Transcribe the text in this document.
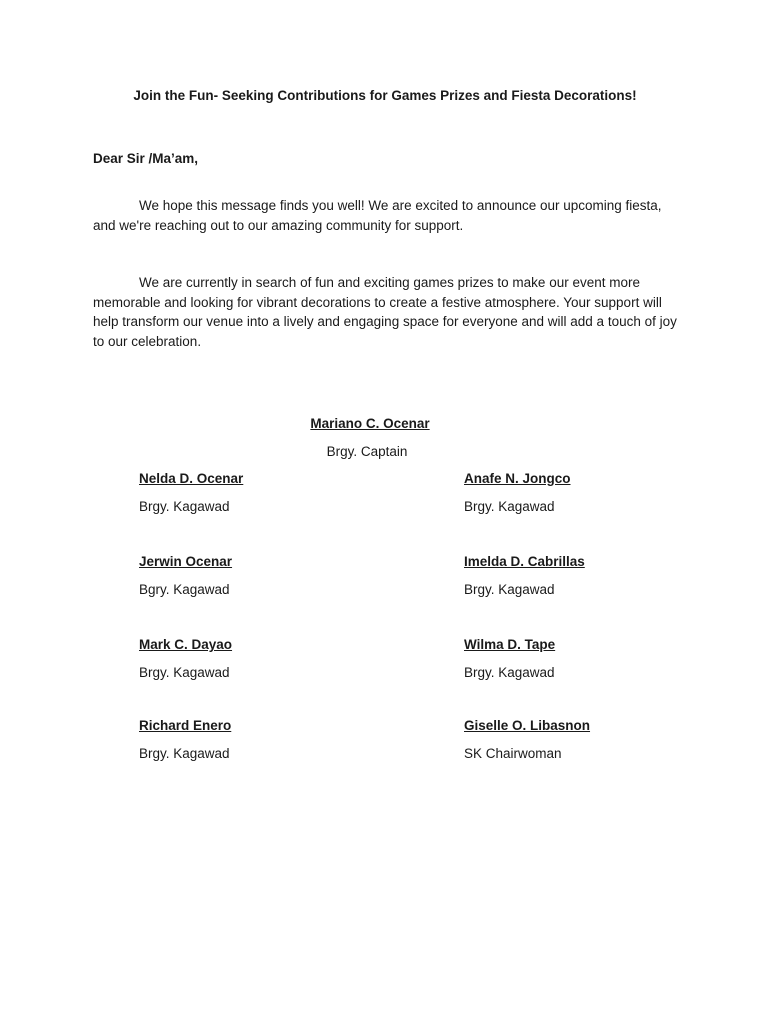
Join the Fun- Seeking Contributions for Games Prizes and Fiesta Decorations!

Dear Sir /Ma’am,

We hope this message finds you well! We are excited to announce our upcoming fiesta, and we're reaching out to our amazing community for support.

We are currently in search of fun and exciting games prizes to make our event more memorable and looking for vibrant decorations to create a festive atmosphere. Your support will help transform our venue into a lively and engaging space for everyone and will add a touch of joy to our celebration.

Mariano C. Ocenar
Brgy. Captain
Nelda D. Ocenar
Brgy. Kagawad
Anafe N. Jongco
Brgy. Kagawad
Jerwin Ocenar
Bgry. Kagawad
Imelda D. Cabrillas
Brgy. Kagawad
Mark C. Dayao
Brgy. Kagawad
Wilma D. Tape
Brgy. Kagawad
Richard Enero
Brgy. Kagawad
Giselle O. Libasnon
SK Chairwoman
